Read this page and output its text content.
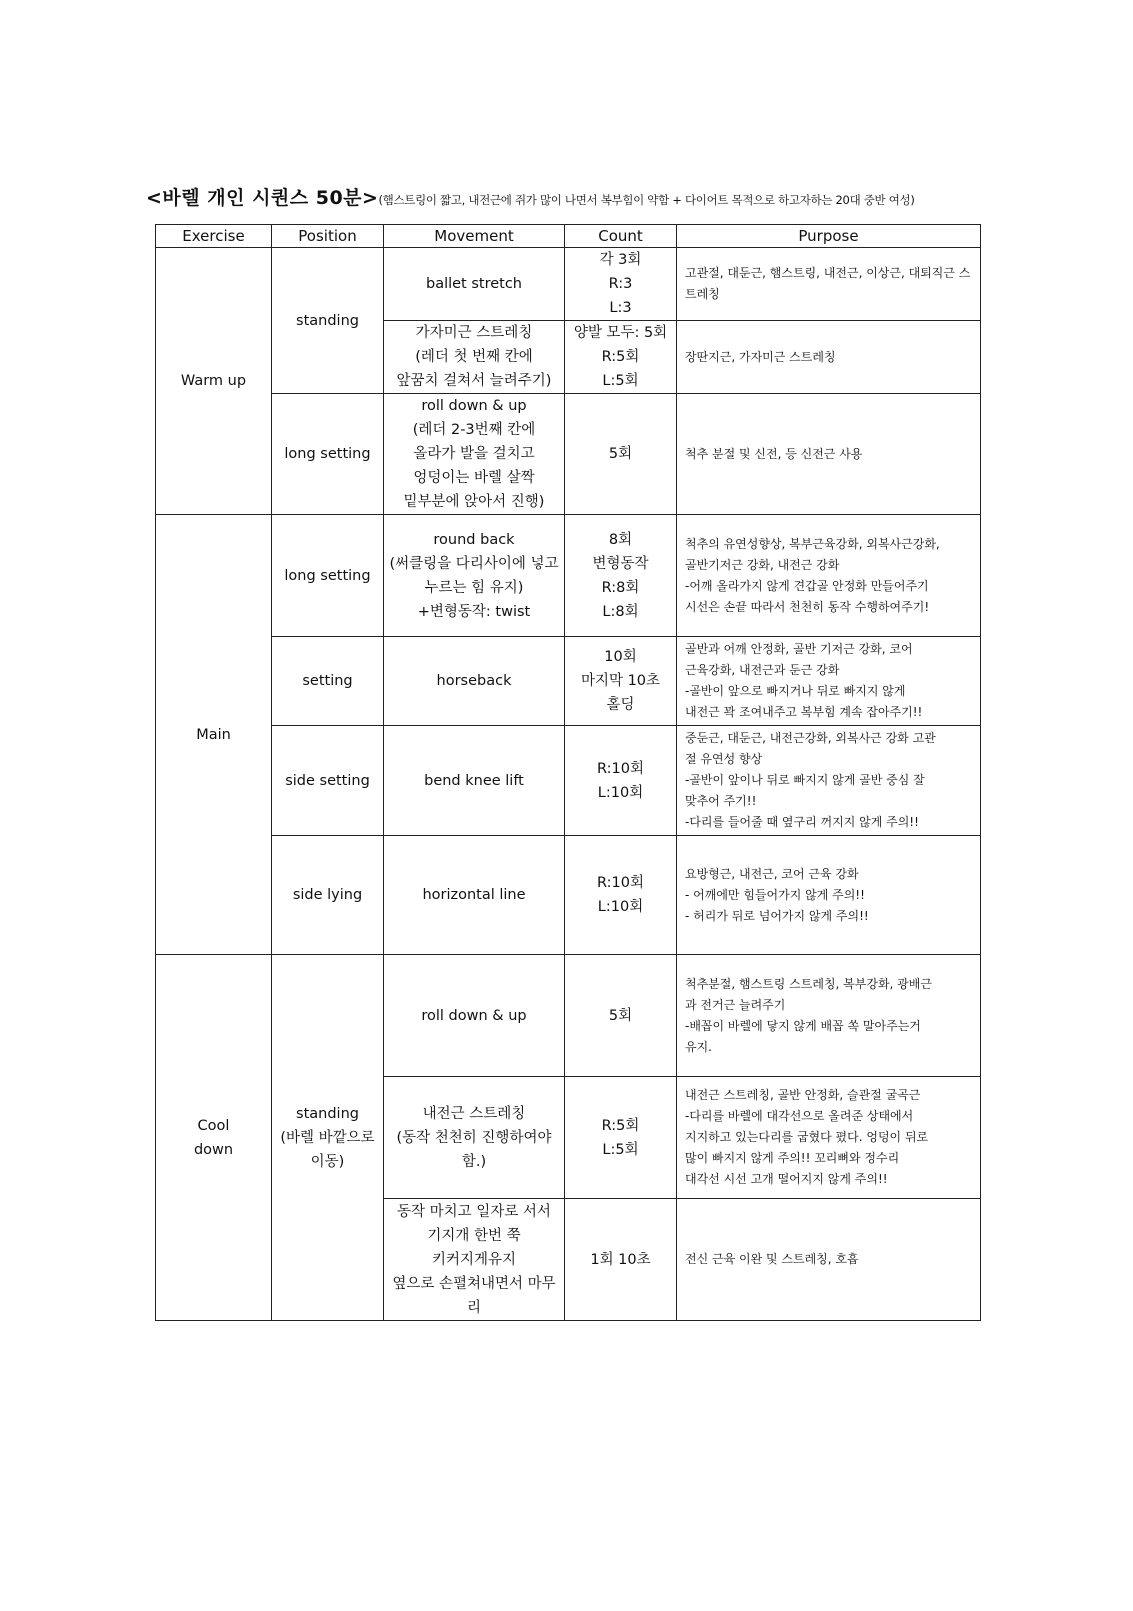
<바렐 개인 시퀀스 50분>(햄스트링이 짧고, 내전근에 쥐가 많이 나면서 복부힘이 약함 + 다이어트 목적으로 하고자하는 20대 중반 여성)
Exercise	Position	Movement	Count	Purpose
Warm up	standing	ballet stretch	각 3회
R:3
L:3	고관절, 대둔근, 햄스트링, 내전근, 이상근, 대퇴직근 스트레칭
		가자미근 스트레칭
(레더 첫 번째 칸에
앞꿈치 걸쳐서 늘려주기)	양발 모두: 5회
R:5회
L:5회	장딴지근, 가자미근 스트레칭
	long setting	roll down & up
(레더 2-3번째 칸에
올라가 발을 걸치고
엉덩이는 바렐 살짝
밑부분에 앉아서 진행)	5회	척추 분절 및 신전, 등 신전근 사용
Main	long setting	round back
(써클링을 다리사이에 넣고
누르는 힘 유지)
+변형동작: twist	8회
변형동작
R:8회
L:8회	척추의 유연성향상, 복부근육강화, 외복사근강화,
골반기저근 강화, 내전근 강화
-어깨 올라가지 않게 견갑골 안정화 만들어주기
시선은 손끝 따라서 천천히 동작 수행하여주기!
	setting	horseback	10회
마지막 10초
홀딩	골반과 어깨 안정화, 골반 기저근 강화, 코어
근육강화, 내전근과 둔근 강화
-골반이 앞으로 빠지거나 뒤로 빠지지 않게
내전근 꽉 조여내주고 복부힘 계속 잡아주기!!
	side setting	bend knee lift	R:10회
L:10회	중둔근, 대둔근, 내전근강화, 외복사근 강화 고관
절 유연성 향상
-골반이 앞이나 뒤로 빠지지 않게 골반 중심 잘
맞추어 주기!!
-다리를 들어줄 때 옆구리 꺼지지 않게 주의!!
	side lying	horizontal line	R:10회
L:10회	요방형근, 내전근, 코어 근육 강화
- 어깨에만 힘들어가지 않게 주의!!
- 허리가 뒤로 넘어가지 않게 주의!!
Cool
down	standing
(바렐 바깥으로
이동)	roll down & up	5회	척추분절, 햄스트링 스트레칭, 복부강화, 광배근
과 전거근 늘려주기
-배꼽이 바렐에 닿지 않게 배꼽 쏙 말아주는거
유지.
		내전근 스트레칭
(동작 천천히 진행하여야함.)	R:5회
L:5회	내전근 스트레칭, 골반 안정화, 슬관절 굴곡근
-다리를 바렐에 대각선으로 올려준 상태에서
지지하고 있는다리를 굽혔다 폈다. 엉덩이 뒤로
많이 빠지지 않게 주의!! 꼬리뼈와 정수리
대각선 시선 고개 떨어지지 않게 주의!!
		동작 마치고 일자로 서서
기지개 한번 쭉
키커지게유지
옆으로 손펼쳐내면서 마무리	1회 10초	전신 근육 이완 및 스트레칭, 호흡
